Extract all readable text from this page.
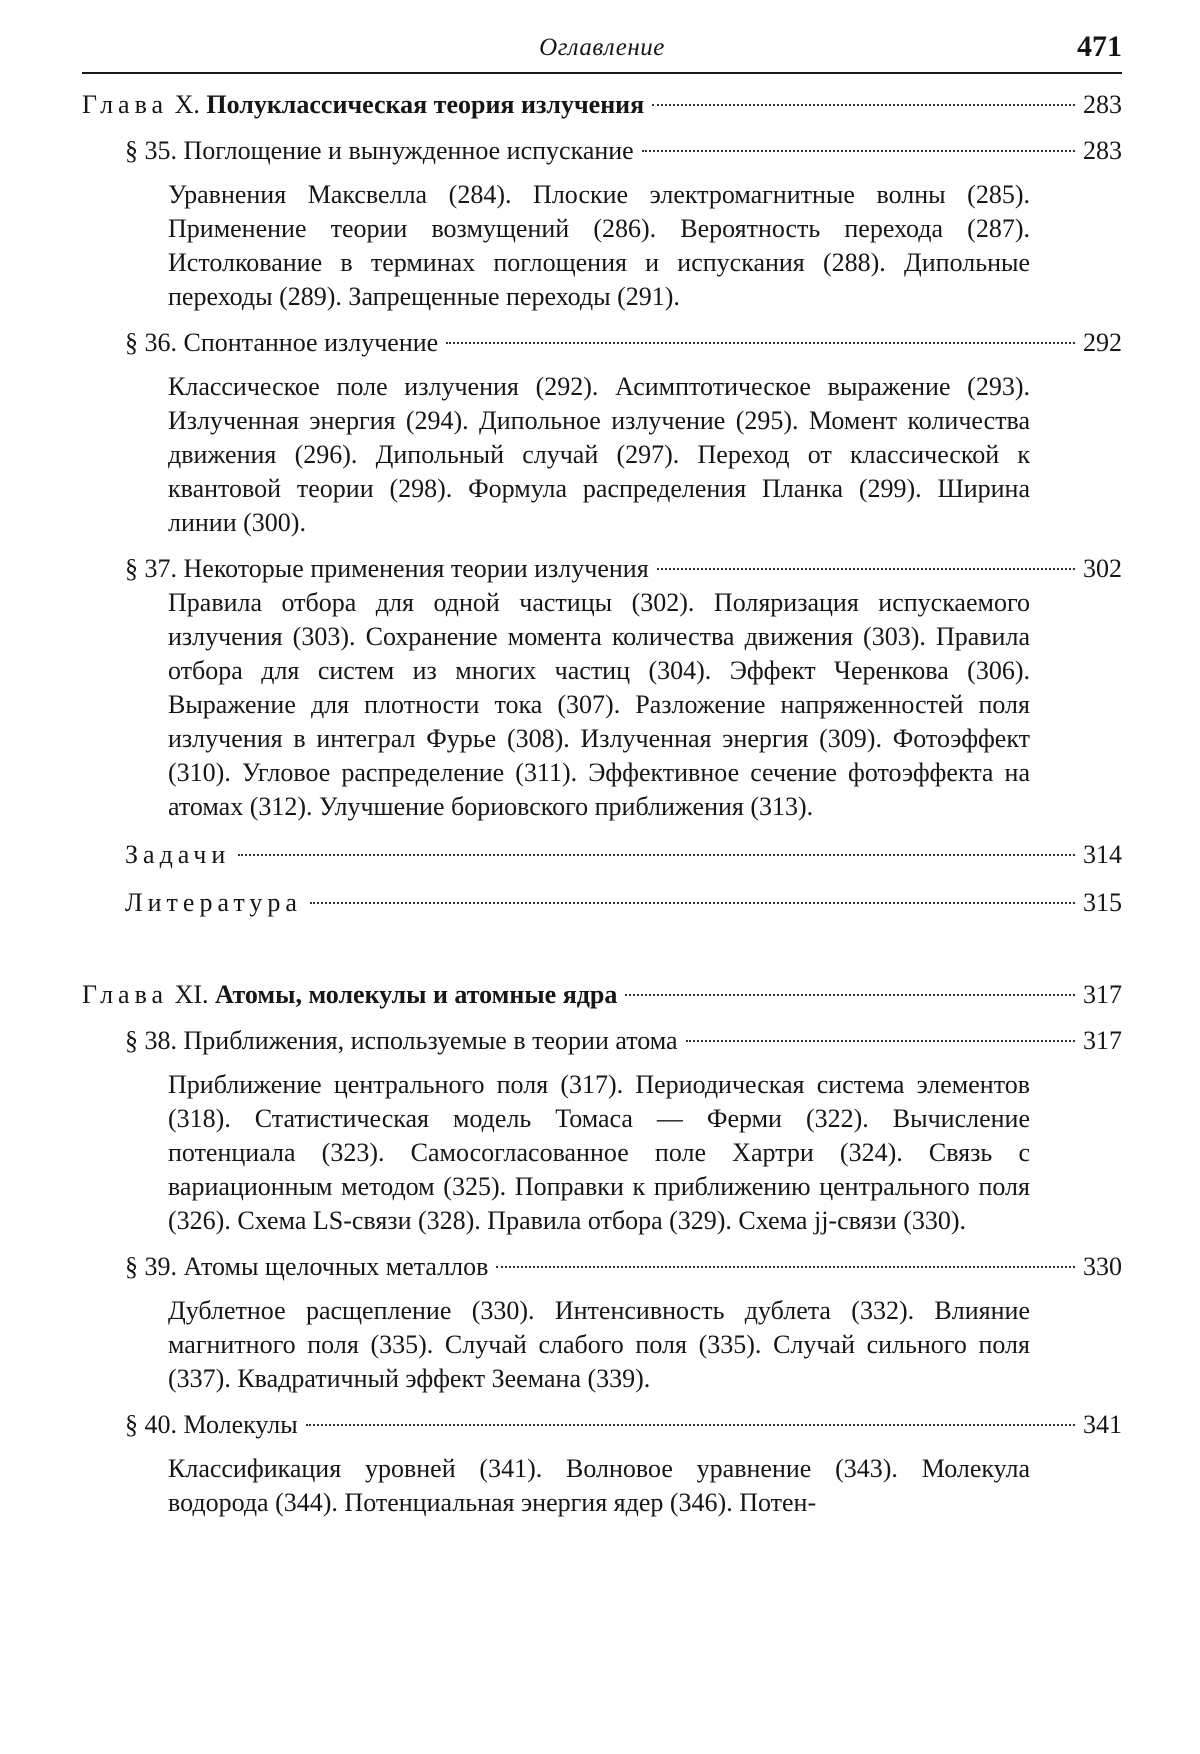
Оглавление	471
Глава X. Полуклассическая теория излучения	283
§ 35. Поглощение и вынужденное испускание	283
Уравнения Максвелла (284). Плоские электромагнитные волны (285). Применение теории возмущений (286). Вероятность перехода (287). Истолкование в терминах поглощения и испускания (288). Дипольные переходы (289). Запрещенные переходы (291).
§ 36. Спонтанное излучение	292
Классическое поле излучения (292). Асимптотическое выражение (293). Излученная энергия (294). Дипольное излучение (295). Момент количества движения (296). Дипольный случай (297). Переход от классической к квантовой теории (298). Формула распределения Планка (299). Ширина линии (300).
§ 37. Некоторые применения теории излучения	302
Правила отбора для одной частицы (302). Поляризация испускаемого излучения (303). Сохранение момента количества движения (303). Правила отбора для систем из многих частиц (304). Эффект Черенкова (306). Выражение для плотности тока (307). Разложение напряженностей поля излучения в интеграл Фурье (308). Излученная энергия (309). Фотоэффект (310). Угловое распределение (311). Эффективное сечение фотоэффекта на атомах (312). Улучшение бориовского приближения (313).
Задачи	314
Литература	315
Глава XI. Атомы, молекулы и атомные ядра	317
§ 38. Приближения, используемые в теории атома	317
Приближение центрального поля (317). Периодическая система элементов (318). Статистическая модель Томаса — Ферми (322). Вычисление потенциала (323). Самосогласованное поле Хартри (324). Связь с вариационным методом (325). Поправки к приближению центрального поля (326). Схема LS-связи (328). Правила отбора (329). Схема jj-связи (330).
§ 39. Атомы щелочных металлов	330
Дублетное расщепление (330). Интенсивность дублета (332). Влияние магнитного поля (335). Случай слабого поля (335). Случай сильного поля (337). Квадратичный эффект Зеемана (339).
§ 40. Молекулы	341
Классификация уровней (341). Волновое уравнение (343). Молекула водорода (344). Потенциальная энергия ядер (346). Потен-
